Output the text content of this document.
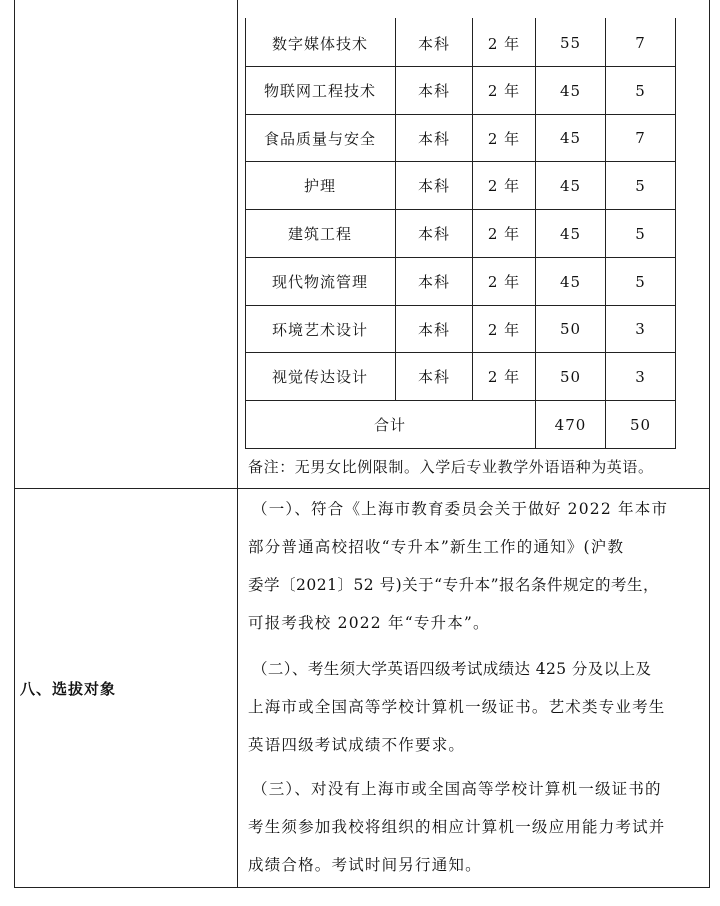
数字媒体技术	本科	2 年	55	7
物联网工程技术	本科	2 年	45	5
食品质量与安全	本科	2 年	45	7
护理	本科	2 年	45	5
建筑工程	本科	2 年	45	5
现代物流管理	本科	2 年	45	5
环境艺术设计	本科	2 年	50	3
视觉传达设计	本科	2 年	50	3
合计	470	50
备注：无男女比例限制。入学后专业教学外语语种为英语。
八、选拔对象
（一）、符合《上海市教育委员会关于做好 2022 年本市
部分普通高校招收“专升本”新生工作的通知》(沪教
委学〔2021〕52 号)关于“专升本”报名条件规定的考生，
可报考我校 2022 年“专升本”。
（二）、考生须大学英语四级考试成绩达 425 分及以上及
上海市或全国高等学校计算机一级证书。艺术类专业考生
英语四级考试成绩不作要求。
（三）、对没有上海市或全国高等学校计算机一级证书的
考生须参加我校将组织的相应计算机一级应用能力考试并
成绩合格。考试时间另行通知。
